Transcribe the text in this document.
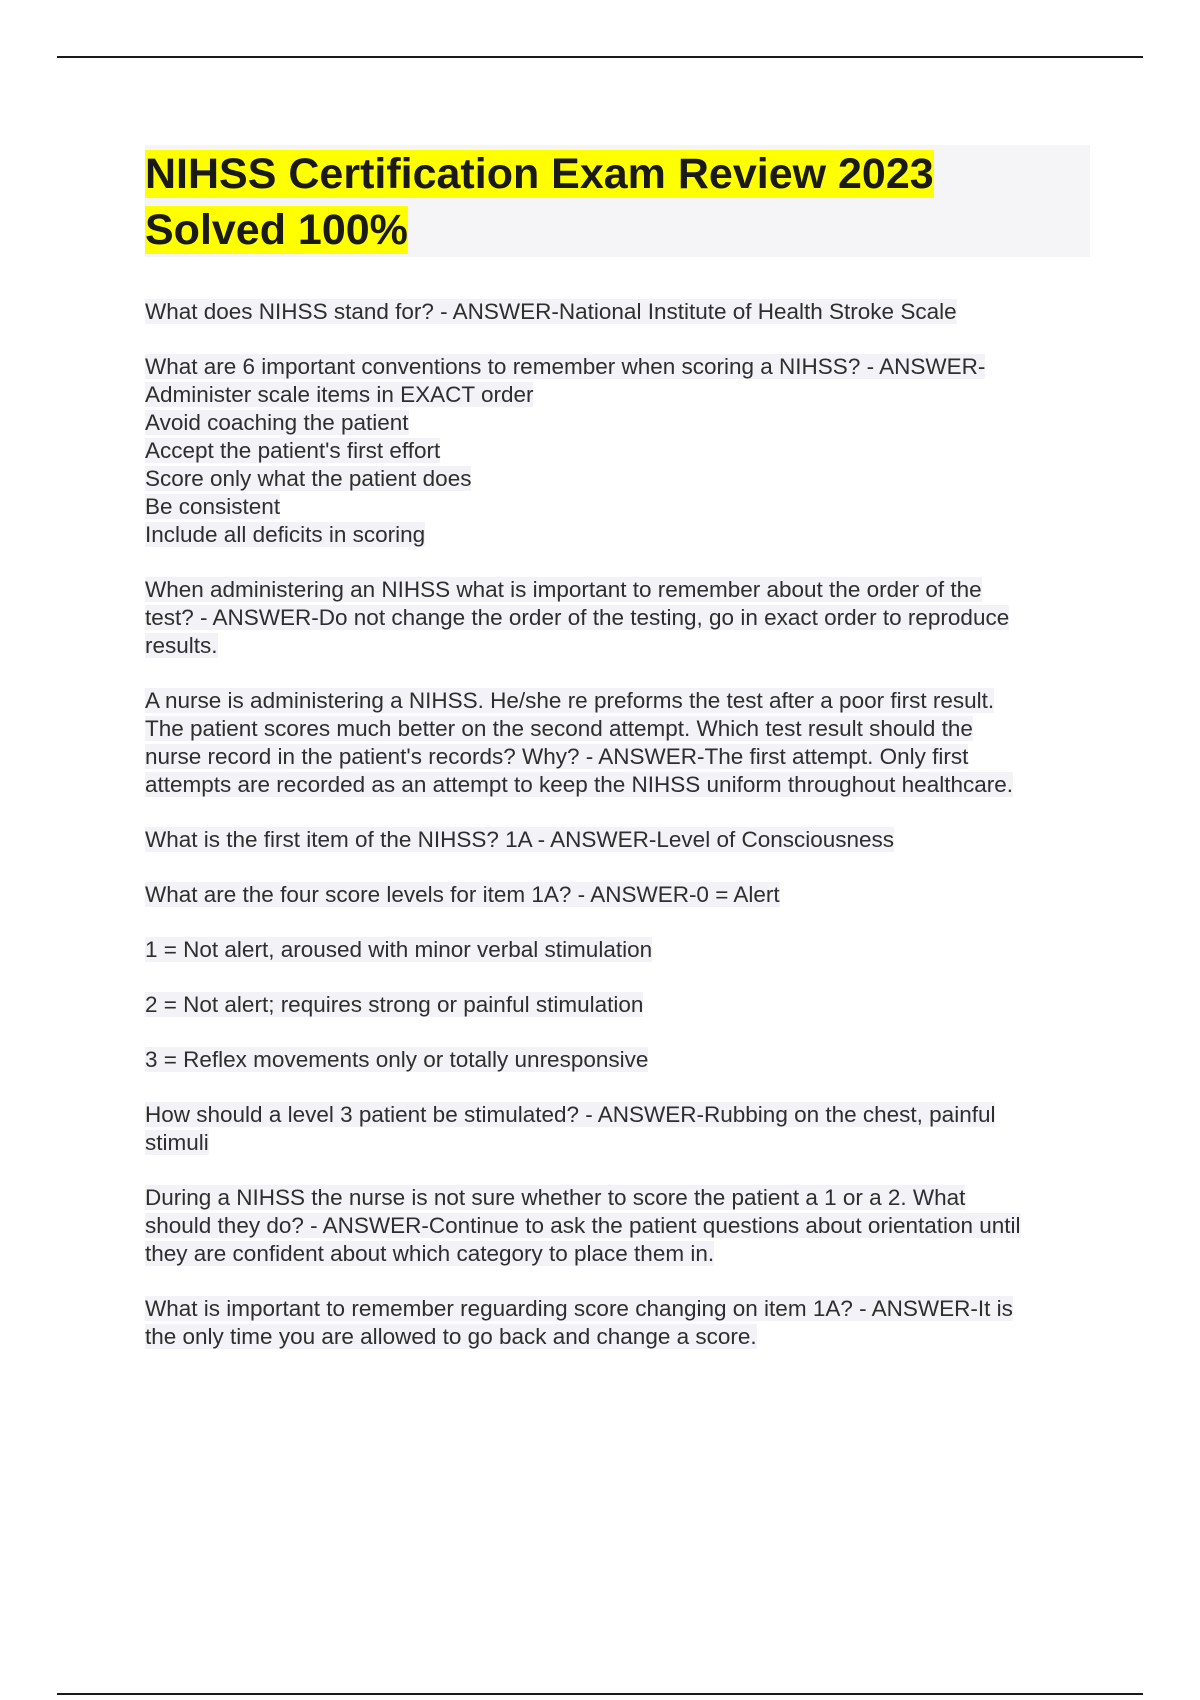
NIHSS Certification Exam Review 2023
Solved 100%

What does NIHSS stand for? - ANSWER-National Institute of Health Stroke Scale

What are 6 important conventions to remember when scoring a NIHSS? - ANSWER-
Administer scale items in EXACT order
Avoid coaching the patient
Accept the patient's first effort
Score only what the patient does
Be consistent
Include all deficits in scoring

When administering an NIHSS what is important to remember about the order of the
test? - ANSWER-Do not change the order of the testing, go in exact order to reproduce
results.

A nurse is administering a NIHSS. He/she re preforms the test after a poor first result.
The patient scores much better on the second attempt. Which test result should the
nurse record in the patient's records? Why? - ANSWER-The first attempt. Only first
attempts are recorded as an attempt to keep the NIHSS uniform throughout healthcare.

What is the first item of the NIHSS? 1A - ANSWER-Level of Consciousness

What are the four score levels for item 1A? - ANSWER-0 = Alert

1 = Not alert, aroused with minor verbal stimulation

2 = Not alert; requires strong or painful stimulation

3 = Reflex movements only or totally unresponsive

How should a level 3 patient be stimulated? - ANSWER-Rubbing on the chest, painful
stimuli

During a NIHSS the nurse is not sure whether to score the patient a 1 or a 2. What
should they do? - ANSWER-Continue to ask the patient questions about orientation until
they are confident about which category to place them in.

What is important to remember reguarding score changing on item 1A? - ANSWER-It is
the only time you are allowed to go back and change a score.
